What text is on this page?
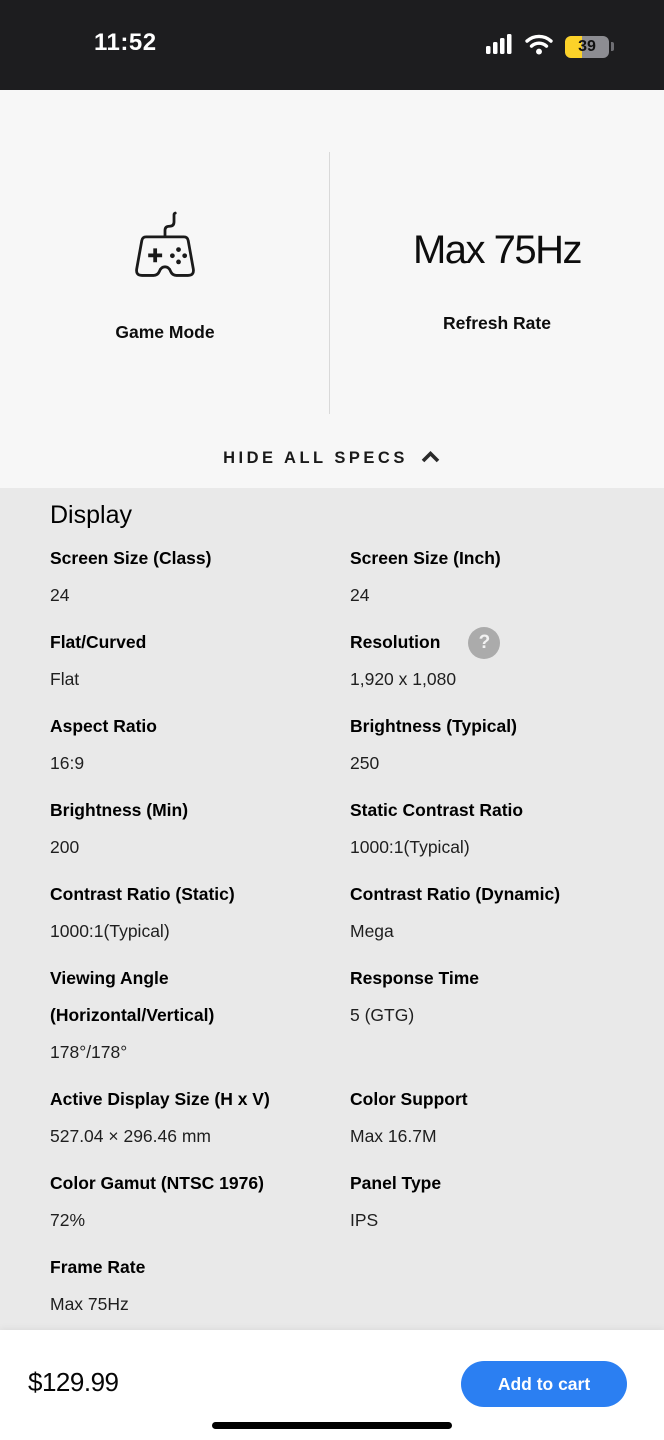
11:52	39
Game Mode
Max 75Hz
Refresh Rate
HIDE ALL SPECS
Display
Screen Size (Class)
24
Screen Size (Inch)
24
Flat/Curved
Flat
Resolution	?
1,920 x 1,080
Aspect Ratio
16:9
Brightness (Typical)
250
Brightness (Min)
200
Static Contrast Ratio
1000:1(Typical)
Contrast Ratio (Static)
1000:1(Typical)
Contrast Ratio (Dynamic)
Mega
Viewing Angle (Horizontal/Vertical)
178°/178°
Response Time
5 (GTG)
Active Display Size (H x V)
527.04 × 296.46 mm
Color Support
Max 16.7M
Color Gamut (NTSC 1976)
72%
Panel Type
IPS
Frame Rate
Max 75Hz
$129.99	Add to cart
